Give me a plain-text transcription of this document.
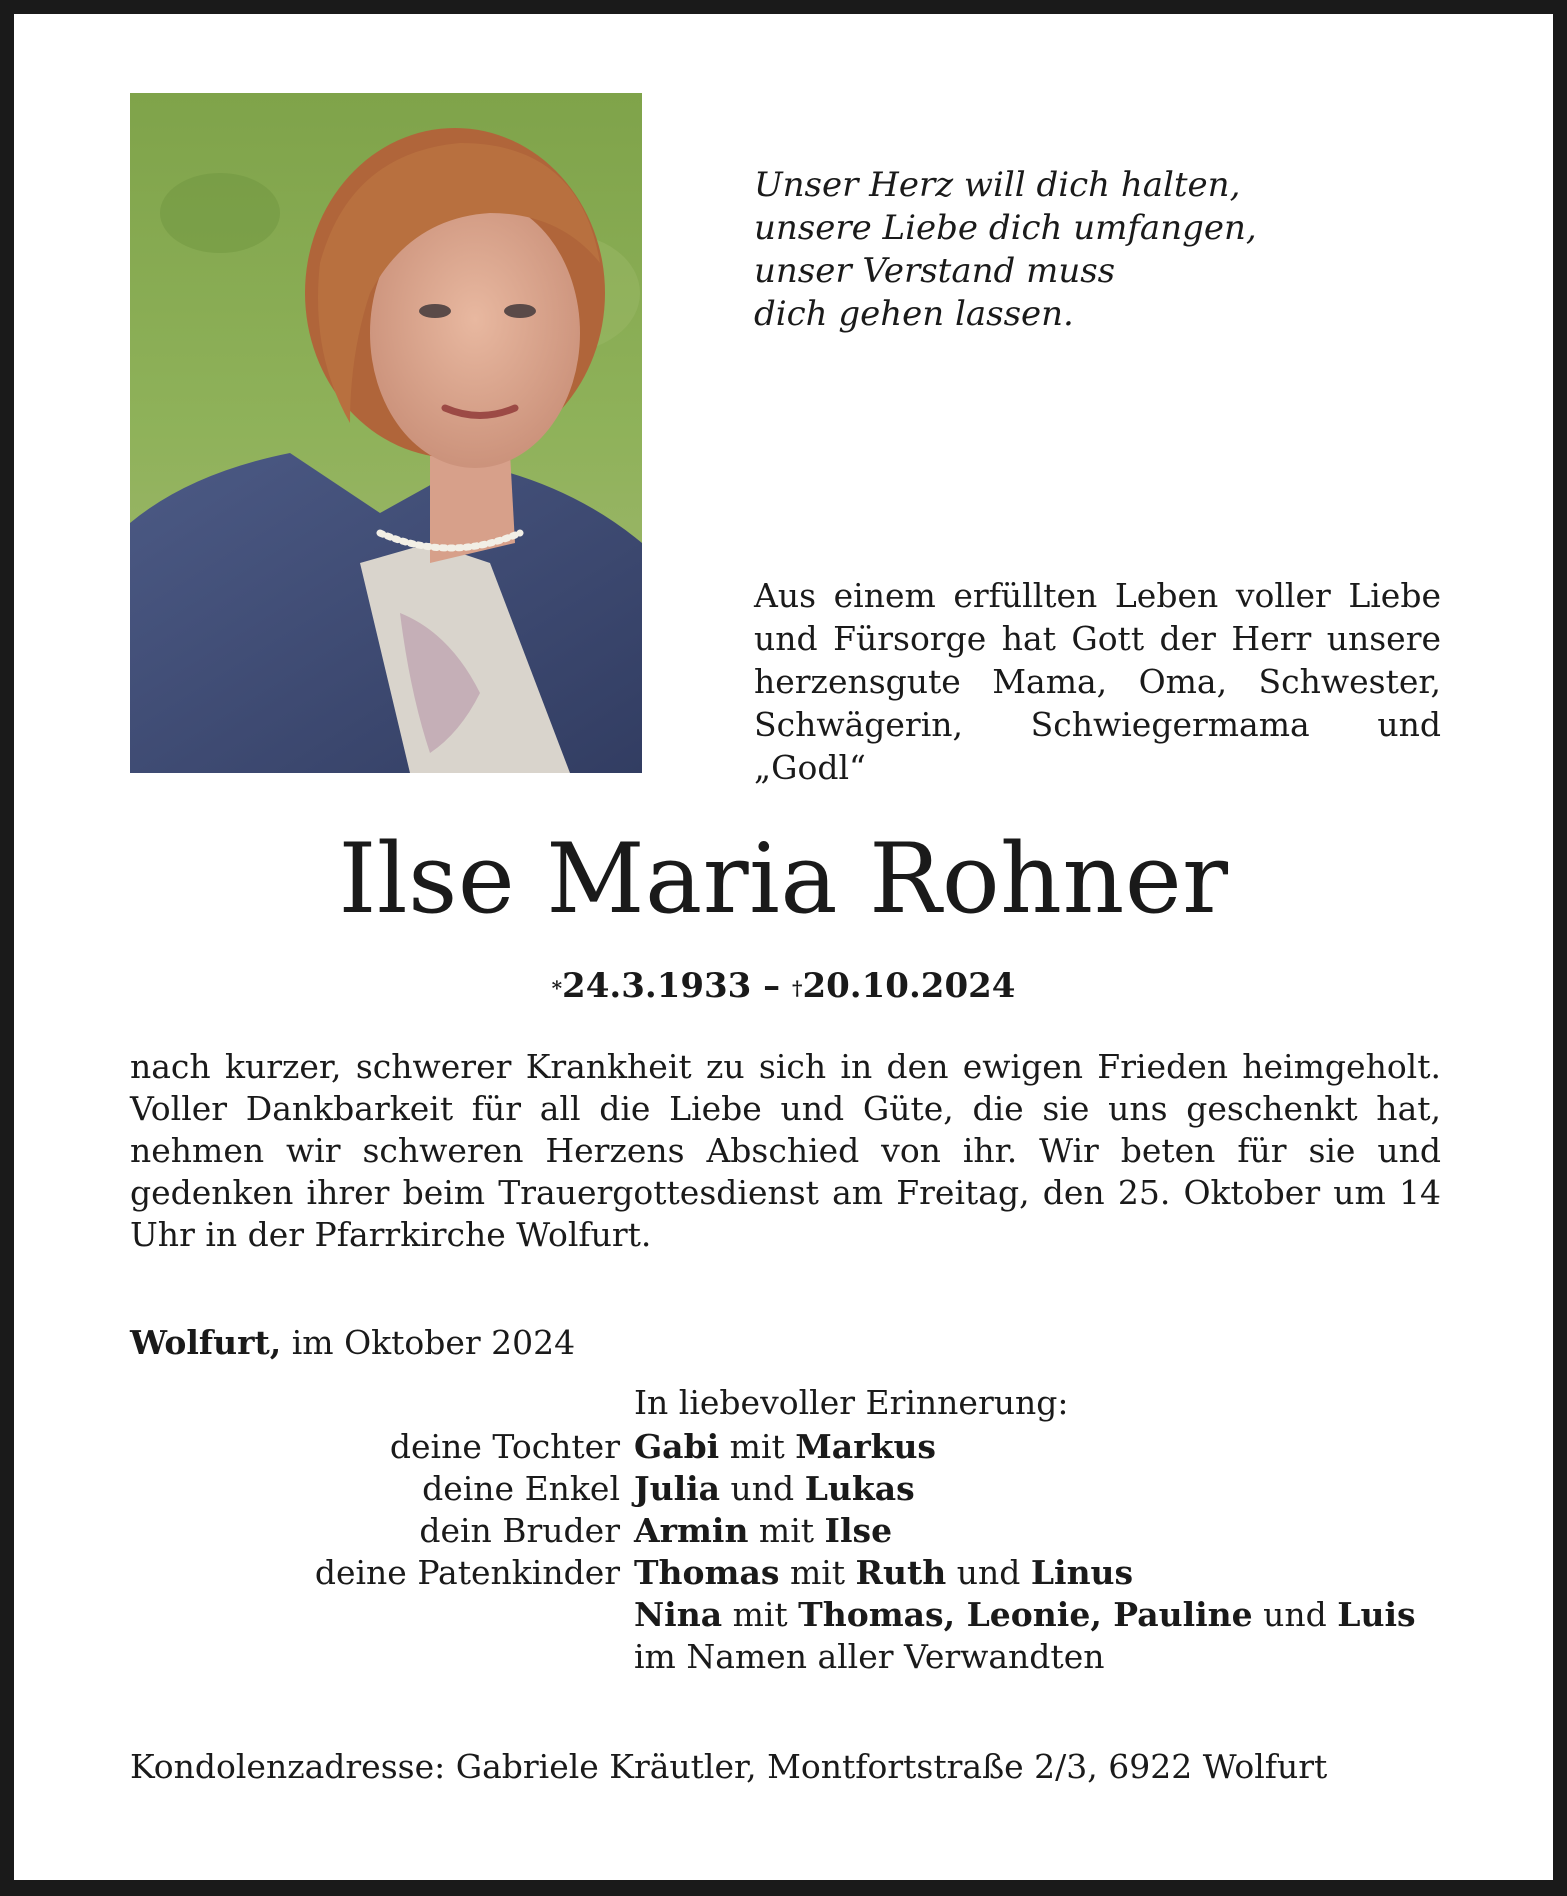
Unser Herz will dich halten,
unsere Liebe dich umfangen,
unser Verstand muss
dich gehen lassen.
Aus einem erfüllten Leben voller Liebe und Fürsorge hat Gott der Herr unsere herzensgute Mama, Oma, Schwester, Schwägerin, Schwiegermama und „Godl“
Ilse Maria Rohner
*24.3.1933 – †20.10.2024
nach kurzer, schwerer Krankheit zu sich in den ewigen Frieden heimgeholt. Voller Dankbarkeit für all die Liebe und Güte, die sie uns geschenkt hat, nehmen wir schweren Herzens Abschied von ihr. Wir beten für sie und gedenken ihrer beim Trauergottesdienst am Freitag, den 25. Oktober um 14 Uhr in der Pfarrkirche Wolfurt.
Wolfurt, im Oktober 2024
In liebevoller Erinnerung:
deine Tochter Gabi mit Markus
deine Enkel Julia und Lukas
dein Bruder Armin mit Ilse
deine Patenkinder Thomas mit Ruth und Linus
Nina mit Thomas, Leonie, Pauline und Luis
im Namen aller Verwandten
Kondolenzadresse: Gabriele Kräutler, Montfortstraße 2/3, 6922 Wolfurt
